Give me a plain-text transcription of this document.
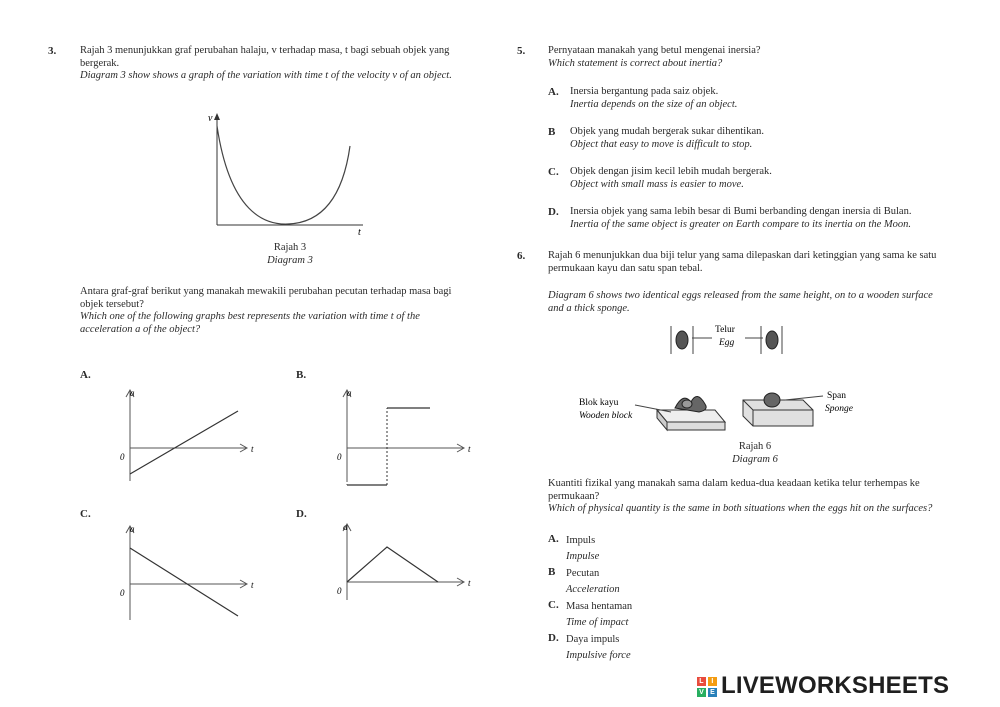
3. Rajah 3 menunjukkan graf perubahan halaju, v terhadap masa, t bagi sebuah objek yang
bergerak.
Diagram 3 show shows a graph of the variation with time t of the velocity v of an object.
v
t
Rajah 3
Diagram 3
Antara graf-graf berikut yang manakah mewakili perubahan pecutan terhadap masa bagi
objek tersebut?
Which one of the following graphs best represents the variation with time t of the
acceleration a of the object?
A.
a
t
0
B.
a
t
0
C.
a
t
0
D.
a
t
0
5. Pernyataan manakah yang betul mengenai inersia?
Which statement is correct about inertia?
A. Inersia bergantung pada saiz objek.
Inertia depends on the size of an object.
B Objek yang mudah bergerak sukar dihentikan.
Object that easy to move is difficult to stop.
C. Objek dengan jisim kecil lebih mudah bergerak.
Object with small mass is easier to move.
D. Inersia objek yang sama lebih besar di Bumi berbanding dengan inersia di Bulan.
Inertia of the same object is greater on Earth compare to its inertia on the Moon.
6. Rajah 6 menunjukkan dua biji telur yang sama dilepaskan dari ketinggian yang sama ke satu
permukaan kayu dan satu span tebal.
Diagram 6 shows two identical eggs released from the same height, on to a wooden surface
and a thick sponge.
Telur
Egg
Blok kayu
Wooden block
Span
Sponge
Rajah 6
Diagram 6
Kuantiti fizikal yang manakah sama dalam kedua-dua keadaan ketika telur terhempas ke
permukaan?
Which of physical quantity is the same in both situations when the eggs hit on the surfaces?
A. Impuls
Impulse
B Pecutan
Acceleration
C. Masa hentaman
Time of impact
D. Daya impuls
Impulsive force
L	I
V E LIVEWORKSHEETS
